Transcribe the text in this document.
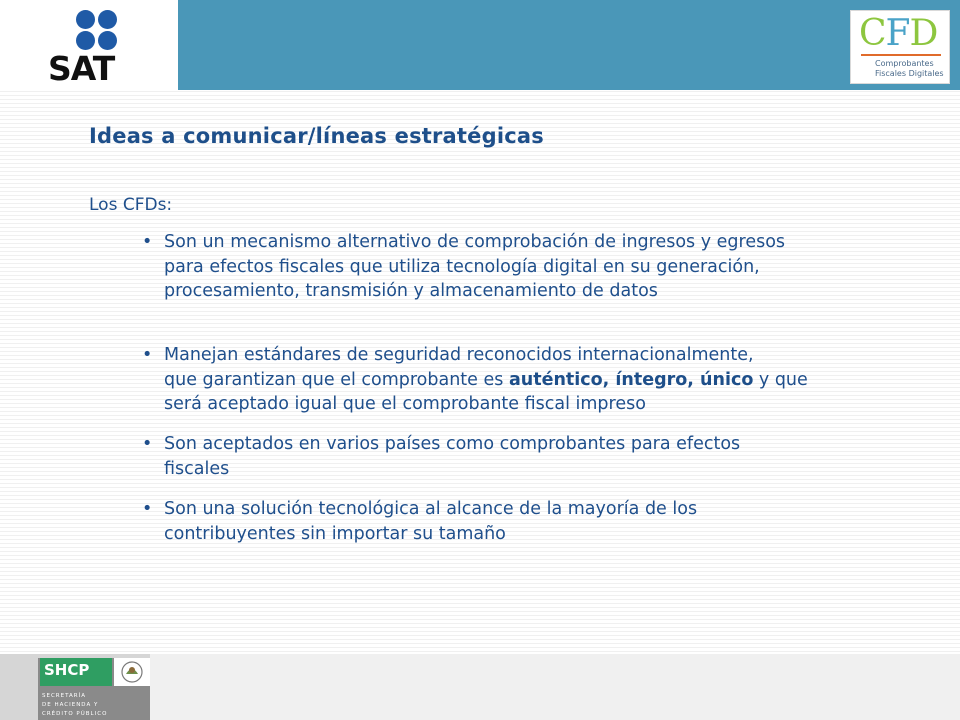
SAT
CFD
Comprobantes
Fiscales Digitales
Ideas a comunicar/líneas estratégicas

Los CFDs:

• Son un mecanismo alternativo de comprobación de ingresos y egresos
para efectos fiscales que utiliza tecnología digital en su generación,
procesamiento, transmisión y almacenamiento de datos
• Manejan estándares de seguridad reconocidos internacionalmente,
que garantizan que el comprobante es auténtico, íntegro, único y que
será aceptado igual que el comprobante fiscal impreso
• Son aceptados en varios países como comprobantes para efectos
fiscales
• Son una solución tecnológica al alcance de la mayoría de los
contribuyentes sin importar su tamaño
SHCP
SECRETARÍA
DE HACIENDA Y
CRÉDITO PÚBLICO
